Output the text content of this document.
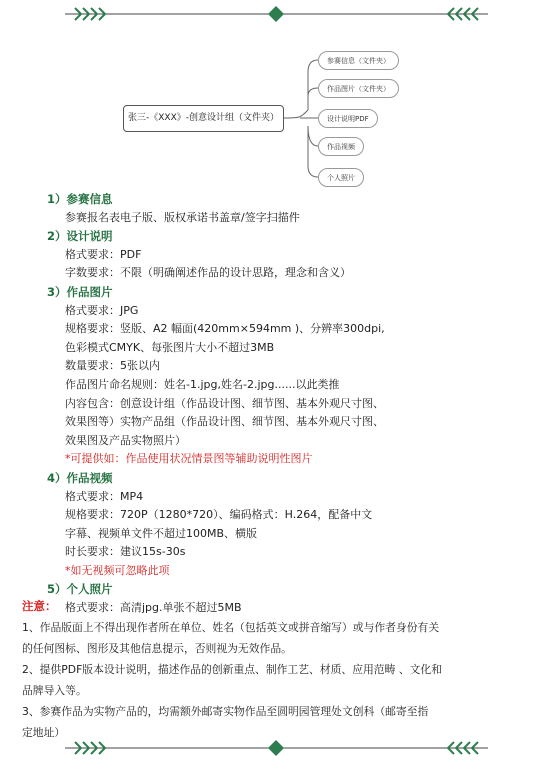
张三-《XXX》-创意设计组（文件夹）
参赛信息（文件夹）
作品图片（文件夹）
设计说明PDF
作品视频
个人照片
1）参赛信息
参赛报名表电子版、版权承诺书盖章/签字扫描件
2）设计说明
格式要求：PDF
字数要求：不限（明确阐述作品的设计思路，理念和含义）
3）作品图片
格式要求：JPG
规格要求：竖版、A2 幅面(420mm×594mm )、分辨率300dpi,
色彩模式CMYK、每张图片大小不超过3MB
数量要求：5张以内
作品图片命名规则：姓名-1.jpg,姓名-2.jpg......以此类推
内容包含：创意设计组（作品设计图、细节图、基本外观尺寸图、
效果图等）实物产品组（作品设计图、细节图、基本外观尺寸图、
效果图及产品实物照片）
*可提供如：作品使用状况情景图等辅助说明性图片
4）作品视频
格式要求：MP4
规格要求：720P（1280*720）、编码格式：H.264，配备中文
字幕、视频单文件不超过100MB、横版
时长要求：建议15s-30s
*如无视频可忽略此项
5）个人照片
格式要求：高清jpg.单张不超过5MB
注意：
1、作品版面上不得出现作者所在单位、姓名（包括英文或拼音缩写）或与作者身份有关
的任何图标、图形及其他信息提示，否则视为无效作品。
2、提供PDF版本设计说明，描述作品的创新重点、制作工艺、材质、应用范畴 、文化和
品牌导入等。
3、参赛作品为实物产品的，均需额外邮寄实物作品至圆明园管理处文创科（邮寄至指
定地址）
